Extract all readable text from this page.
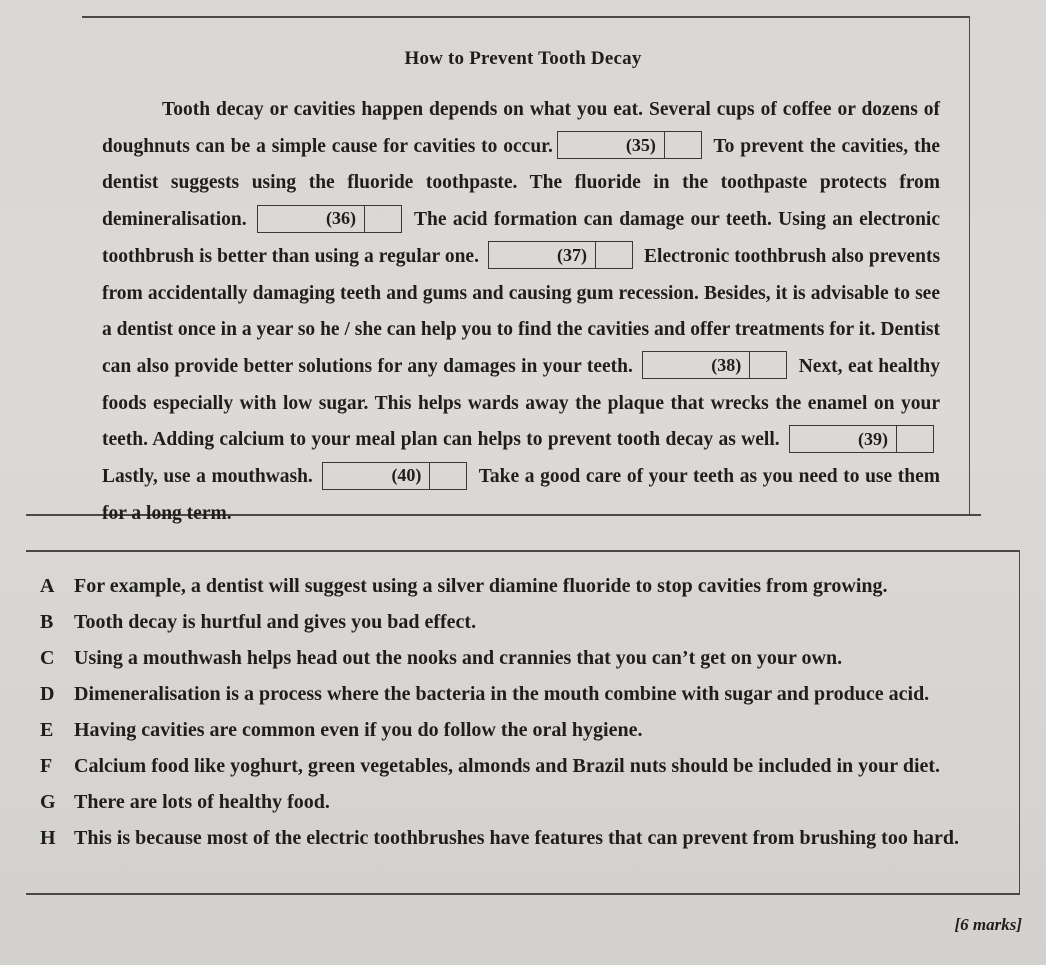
How to Prevent Tooth Decay

Tooth decay or cavities happen depends on what you eat. Several cups of coffee or dozens of doughnuts can be a simple cause for cavities to occur.	(35)	To prevent the cavities, the dentist suggests using the fluoride toothpaste. The fluoride in the toothpaste protects from demineralisation.	(36)	The acid formation can damage our teeth. Using an electronic toothbrush is better than using a regular one.	(37)	Electronic toothbrush also prevents from accidentally damaging teeth and gums and causing gum recession. Besides, it is advisable to see a dentist once in a year so he / she can help you to find the cavities and offer treatments for it. Dentist can also provide better solutions for any damages in your teeth.	(38)	Next, eat healthy foods especially with low sugar. This helps wards away the plaque that wrecks the enamel on your teeth. Adding calcium to your meal plan can helps to prevent tooth decay as well.	(39)
Lastly, use a mouthwash.	(40)	Take a good care of your teeth as you need to use them for a long term.

A For example, a dentist will suggest using a silver diamine fluoride to stop cavities from growing.
B	Tooth decay is hurtful and gives you bad effect.
C Using a mouthwash helps head out the nooks and crannies that you can’t get on your own.
D Dimeneralisation is a process where the bacteria in the mouth combine with sugar and produce acid.
E	Having cavities are common even if you do follow the oral hygiene.
F	Calcium food like yoghurt, green vegetables, almonds and Brazil nuts should be included in your diet.
G There are lots of healthy food.
H This is because most of the electric toothbrushes have features that can prevent from brushing too hard.
[6 marks]
